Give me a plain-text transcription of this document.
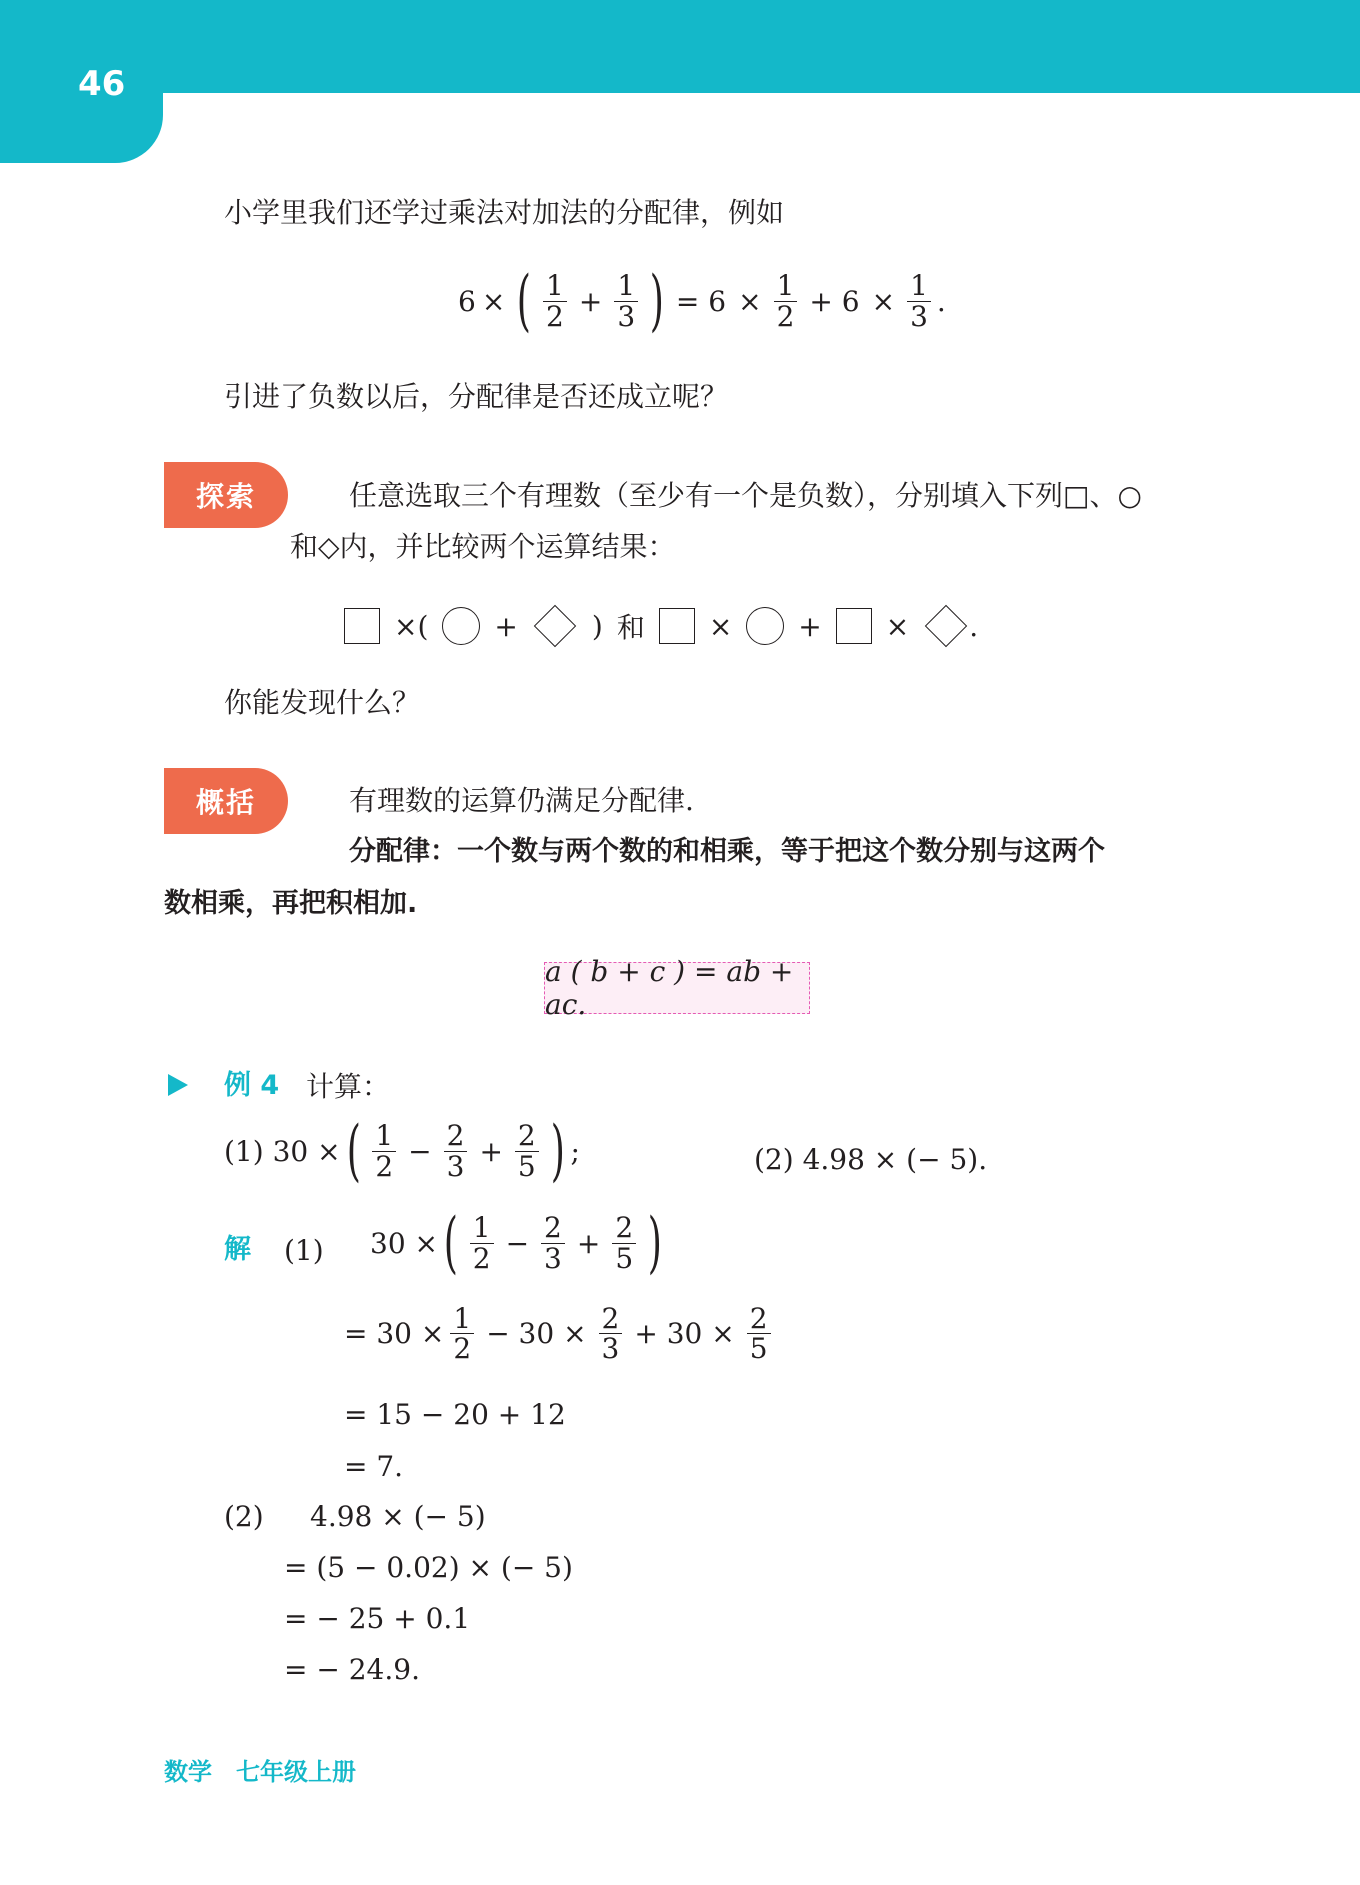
46
小学里我们还学过乘法对加法的分配律，例如
6 × ( $\frac{1}{2} + \frac{1}{3}$ ) = $6 \times \frac{1}{2} + 6 \times \frac{1}{3}$ .
引进了负数以后，分配律是否还成立呢？
探索	任意选取三个有理数（至少有一个是负数），分别填入下列□、○
和◇内，并比较两个运算结果：
× ( +	) 和 × + × .
你能发现什么？
概括	有理数的运算仍满足分配律.
分配律：一个数与两个数的和相乘，等于把这个数分别与这两个
数相乘，再把积相加.
a ( b + c ) = ab + ac.
例 4 计算：
(1) 30 × ( $\frac{1}{2} - \frac{2}{3} + \frac{2}{5}$ ) ;	(2) 4.98 × (− 5).
解 (1) 30 × ( $\frac{1}{2} - \frac{2}{3} + \frac{2}{5}$ )
= $30 \times \frac{1}{2} - 30 \times \frac{2}{3} + 30 \times \frac{2}{5}$
= 15 − 20 + 12
= 7.
(2) 4.98 × (− 5)
= (5 − 0.02) × (− 5)
= − 25 + 0.1
= − 24.9.
数学　七年级上册
